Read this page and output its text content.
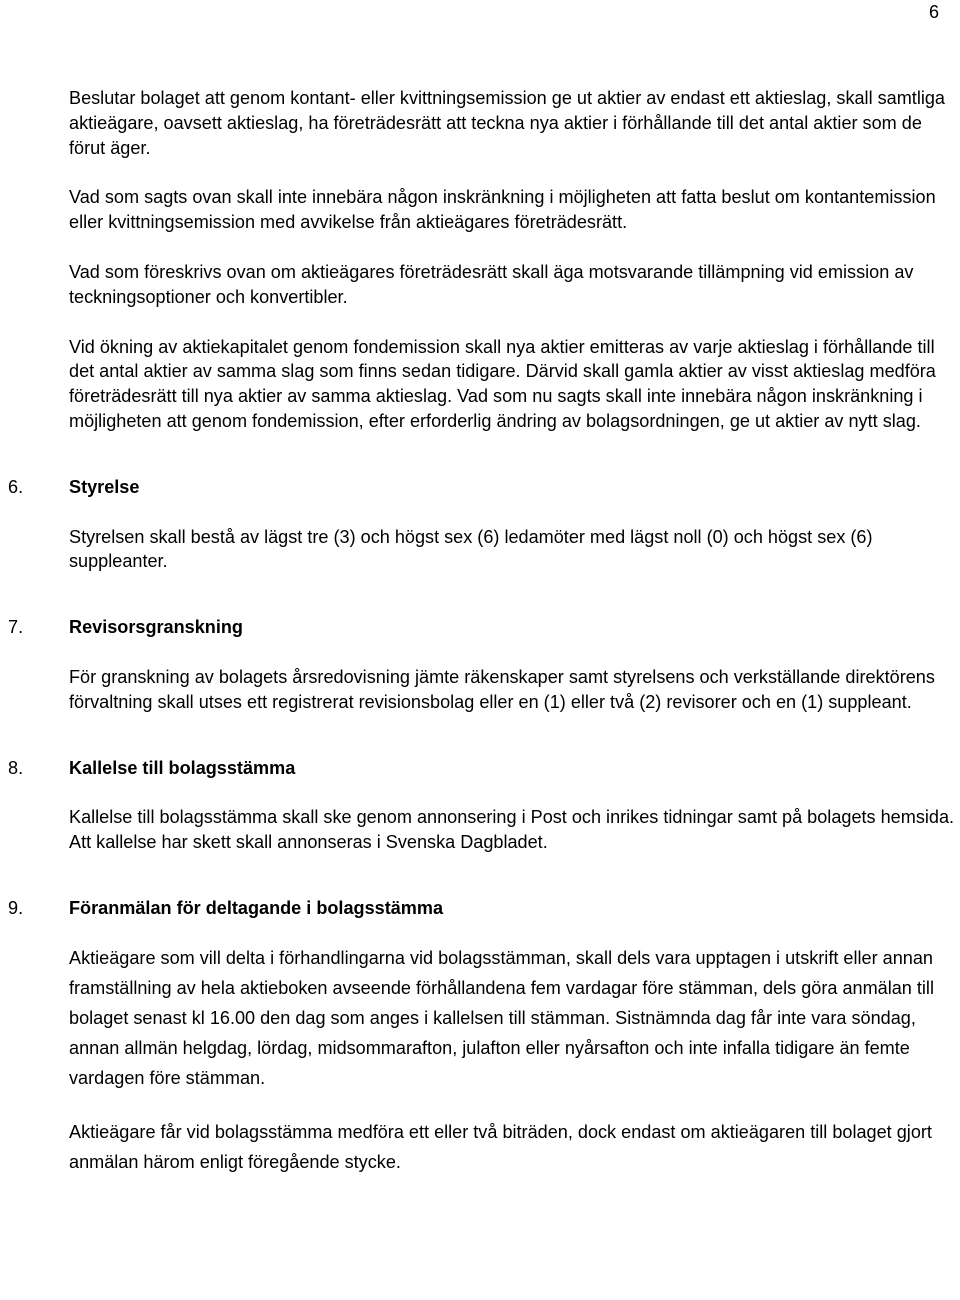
6

Beslutar bolaget att genom kontant- eller kvittningsemission ge ut aktier av endast ett aktieslag, skall samtliga aktieägare, oavsett aktieslag, ha företrädesrätt att teckna nya aktier i förhållande till det antal aktier som de förut äger.

Vad som sagts ovan skall inte innebära någon inskränkning i möjligheten att fatta beslut om kontantemission eller kvittningsemission med avvikelse från aktieägares företrädesrätt.

Vad som föreskrivs ovan om aktieägares företrädesrätt skall äga motsvarande tillämpning vid emission av teckningsoptioner och konvertibler.

Vid ökning av aktiekapitalet genom fondemission skall nya aktier emitteras av varje aktieslag i förhållande till det antal aktier av samma slag som finns sedan tidigare. Därvid skall gamla aktier av visst aktieslag medföra företrädesrätt till nya aktier av samma aktieslag. Vad som nu sagts skall inte innebära någon inskränkning i möjligheten att genom fondemission, efter erforderlig ändring av bolagsordningen, ge ut aktier av nytt slag.

6.	Styrelse

Styrelsen skall bestå av lägst tre (3) och högst sex (6) ledamöter med lägst noll (0) och högst sex (6) suppleanter.

7.	Revisorsgranskning

För granskning av bolagets årsredovisning jämte räkenskaper samt styrelsens och verkställande direktörens förvaltning skall utses ett registrerat revisionsbolag eller en (1) eller två (2) revisorer och en (1) suppleant.

8.	Kallelse till bolagsstämma

Kallelse till bolagsstämma skall ske genom annonsering i Post och inrikes tidningar samt på bolagets hemsida. Att kallelse har skett skall annonseras i Svenska Dagbladet.

9.	Föranmälan för deltagande i bolagsstämma

Aktieägare som vill delta i förhandlingarna vid bolagsstämman, skall dels vara upptagen i utskrift eller annan framställning av hela aktieboken avseende förhållandena fem vardagar före stämman, dels göra anmälan till bolaget senast kl 16.00 den dag som anges i kallelsen till stämman. Sistnämnda dag får inte vara söndag, annan allmän helgdag, lördag, midsommarafton, julafton eller nyårsafton och inte infalla tidigare än femte vardagen före stämman.

Aktieägare får vid bolagsstämma medföra ett eller två biträden, dock endast om aktieägaren till bolaget gjort anmälan härom enligt föregående stycke.
